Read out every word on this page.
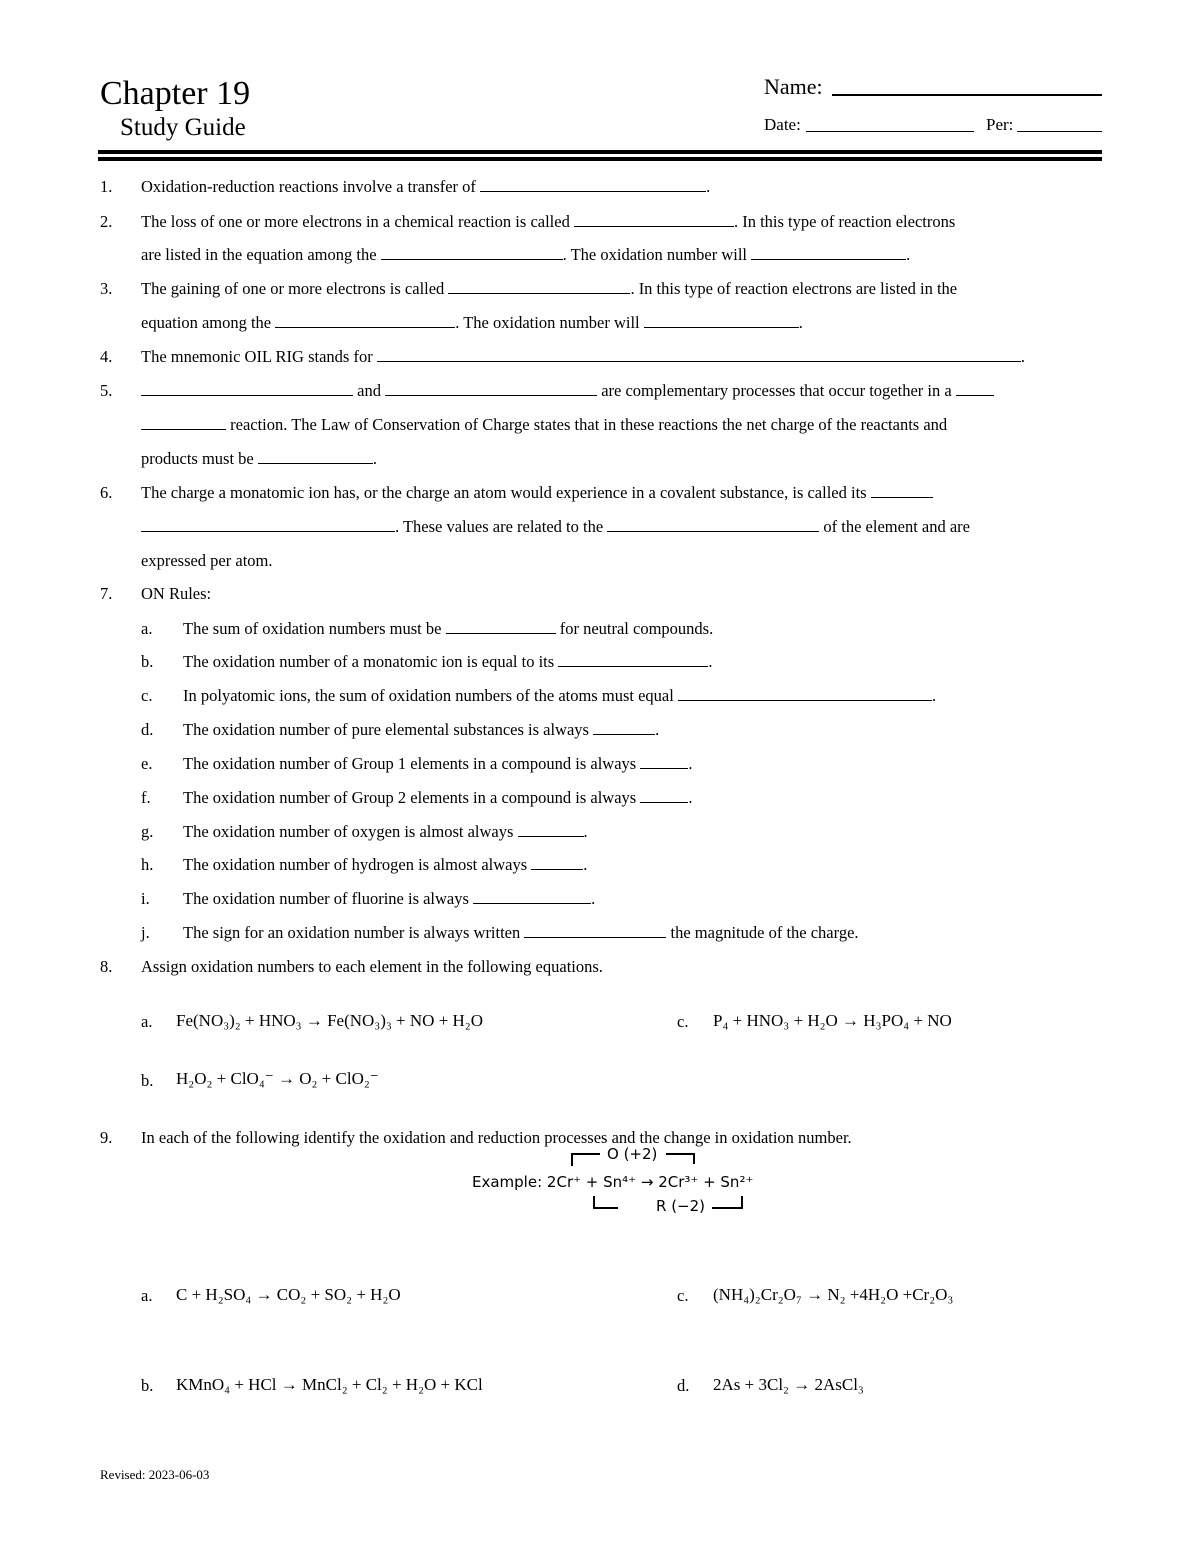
Chapter 19
Study Guide
Name:
Date:	Per:
1. Oxidation-reduction reactions involve a transfer of	.
2. The loss of one or more electrons in a chemical reaction is called	. In this type of reaction electrons
are listed in the equation among the	. The oxidation number will	.
3. The gaining of one or more electrons is called	. In this type of reaction electrons are listed in the
equation among the	. The oxidation number will	.
4. The mnemonic OIL RIG stands for	.
5.	and	are complementary processes that occur together in a
reaction. The Law of Conservation of Charge states that in these reactions the net charge of the reactants and
products must be	.
6. The charge a monatomic ion has, or the charge an atom would experience in a covalent substance, is called its
. These values are related to the	of the element and are
expressed per atom.
7. ON Rules:
a. The sum of oxidation numbers must be	for neutral compounds.
b. The oxidation number of a monatomic ion is equal to its	.
c. In polyatomic ions, the sum of oxidation numbers of the atoms must equal	.
d. The oxidation number of pure elemental substances is always	.
e. The oxidation number of Group 1 elements in a compound is always	.
f. The oxidation number of Group 2 elements in a compound is always	.
g. The oxidation number of oxygen is almost always	.
h. The oxidation number of hydrogen is almost always	.
i. The oxidation number of fluorine is always	.
j. The sign for an oxidation number is always written	the magnitude of the charge.
8. Assign oxidation numbers to each element in the following equations.
a. Fe(NO₃)₂ + HNO₃ → Fe(NO₃)₃ + NO + H₂O	c. P₄ + HNO₃ + H₂O → H₃PO₄ + NO
b. H₂O₂ + ClO₄⁻ → O₂ + ClO₂⁻
9. In each of the following identify the oxidation and reduction processes and the change in oxidation number.
O (+2)
Example: 2Cr⁺ + Sn⁴⁺ → 2Cr³⁺ + Sn²⁺
R (−2)
a. C + H₂SO₄ → CO₂ + SO₂ + H₂O	c. (NH₄)₂Cr₂O₇ → N₂ +4H₂O +Cr₂O₃
b. KMnO₄ + HCl → MnCl₂ + Cl₂ + H₂O + KCl	d. 2As + 3Cl₂ → 2AsCl₃
Revised: 2023-06-03
